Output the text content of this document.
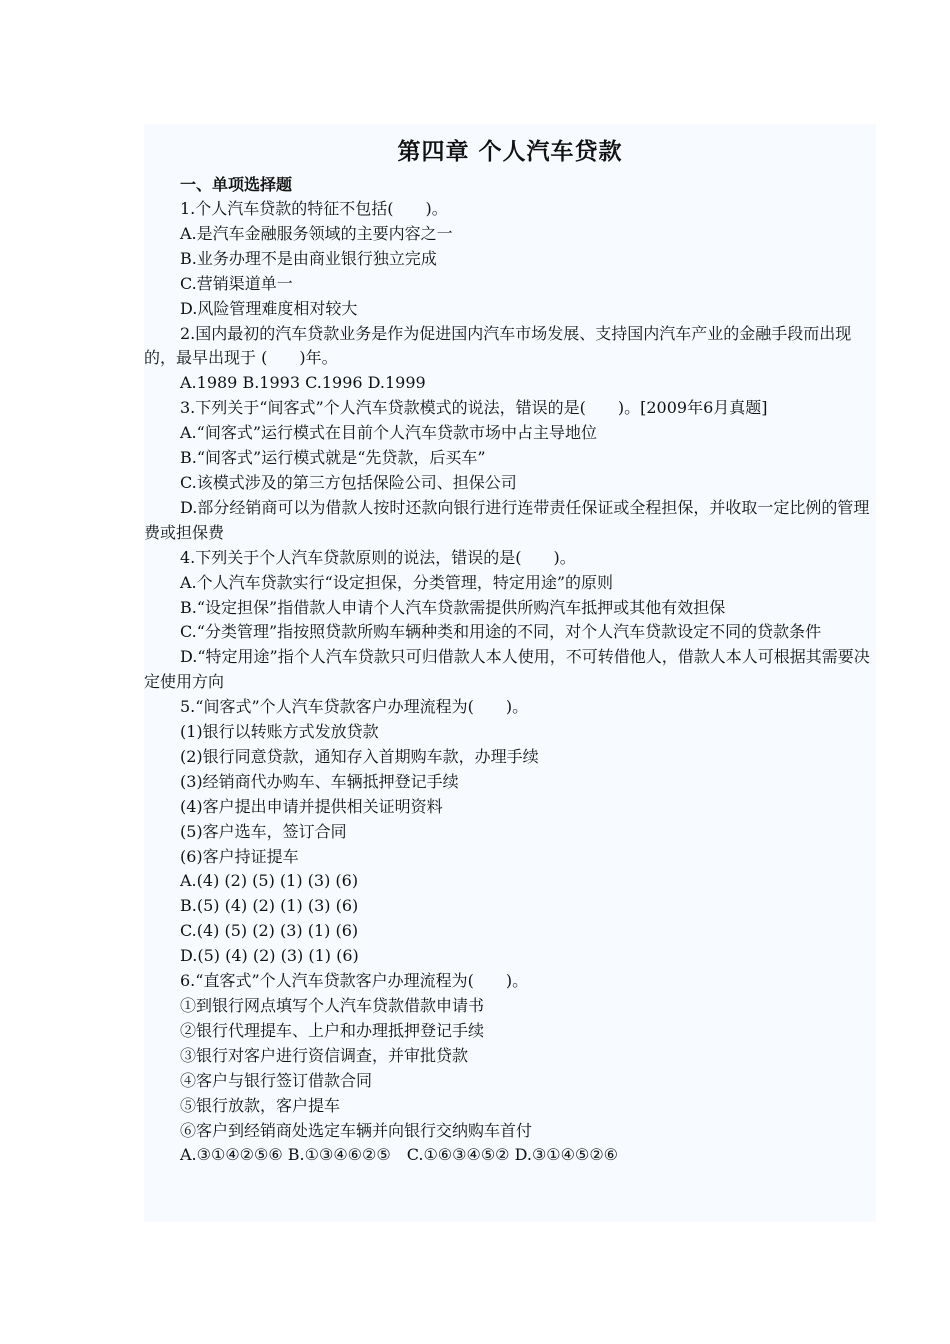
第四章 个人汽车贷款
一、单项选择题

1.个人汽车贷款的特征不包括(　　)。

A.是汽车金融服务领域的主要内容之一

B.业务办理不是由商业银行独立完成

C.营销渠道单一

D.风险管理难度相对较大

2.国内最初的汽车贷款业务是作为促进国内汽车市场发展、支持国内汽车产业的金融手段而出现的，最早出现于 (　　)年。

A.1989 B.1993 C.1996 D.1999

3.下列关于“间客式”个人汽车贷款模式的说法，错误的是(　　)。[2009年6月真题]

A.“间客式”运行模式在目前个人汽车贷款市场中占主导地位

B.“间客式”运行模式就是“先贷款，后买车”

C.该模式涉及的第三方包括保险公司、担保公司

D.部分经销商可以为借款人按时还款向银行进行连带责任保证或全程担保，并收取一定比例的管理费或担保费

4.下列关于个人汽车贷款原则的说法，错误的是(　　)。

A.个人汽车贷款实行“设定担保，分类管理，特定用途”的原则

B.“设定担保”指借款人申请个人汽车贷款需提供所购汽车抵押或其他有效担保

C.“分类管理”指按照贷款所购车辆种类和用途的不同，对个人汽车贷款设定不同的贷款条件

D.“特定用途”指个人汽车贷款只可归借款人本人使用，不可转借他人，借款人本人可根据其需要决定使用方向

5.“间客式”个人汽车贷款客户办理流程为(　　)。

(1)银行以转账方式发放贷款

(2)银行同意贷款，通知存入首期购车款，办理手续

(3)经销商代办购车、车辆抵押登记手续

(4)客户提出申请并提供相关证明资料

(5)客户选车，签订合同

(6)客户持证提车

A.(4) (2) (5) (1) (3) (6)

B.(5) (4) (2) (1) (3) (6)

C.(4) (5) (2) (3) (1) (6)

D.(5) (4) (2) (3) (1) (6)

6.“直客式”个人汽车贷款客户办理流程为(　　)。

①到银行网点填写个人汽车贷款借款申请书

②银行代理提车、上户和办理抵押登记手续

③银行对客户进行资信调查，并审批贷款

④客户与银行签订借款合同

⑤银行放款，客户提车

⑥客户到经销商处选定车辆并向银行交纳购车首付

A.③①④②⑤⑥ B.①③④⑥②⑤　C.①⑥③④⑤② D.③①④⑤②⑥
